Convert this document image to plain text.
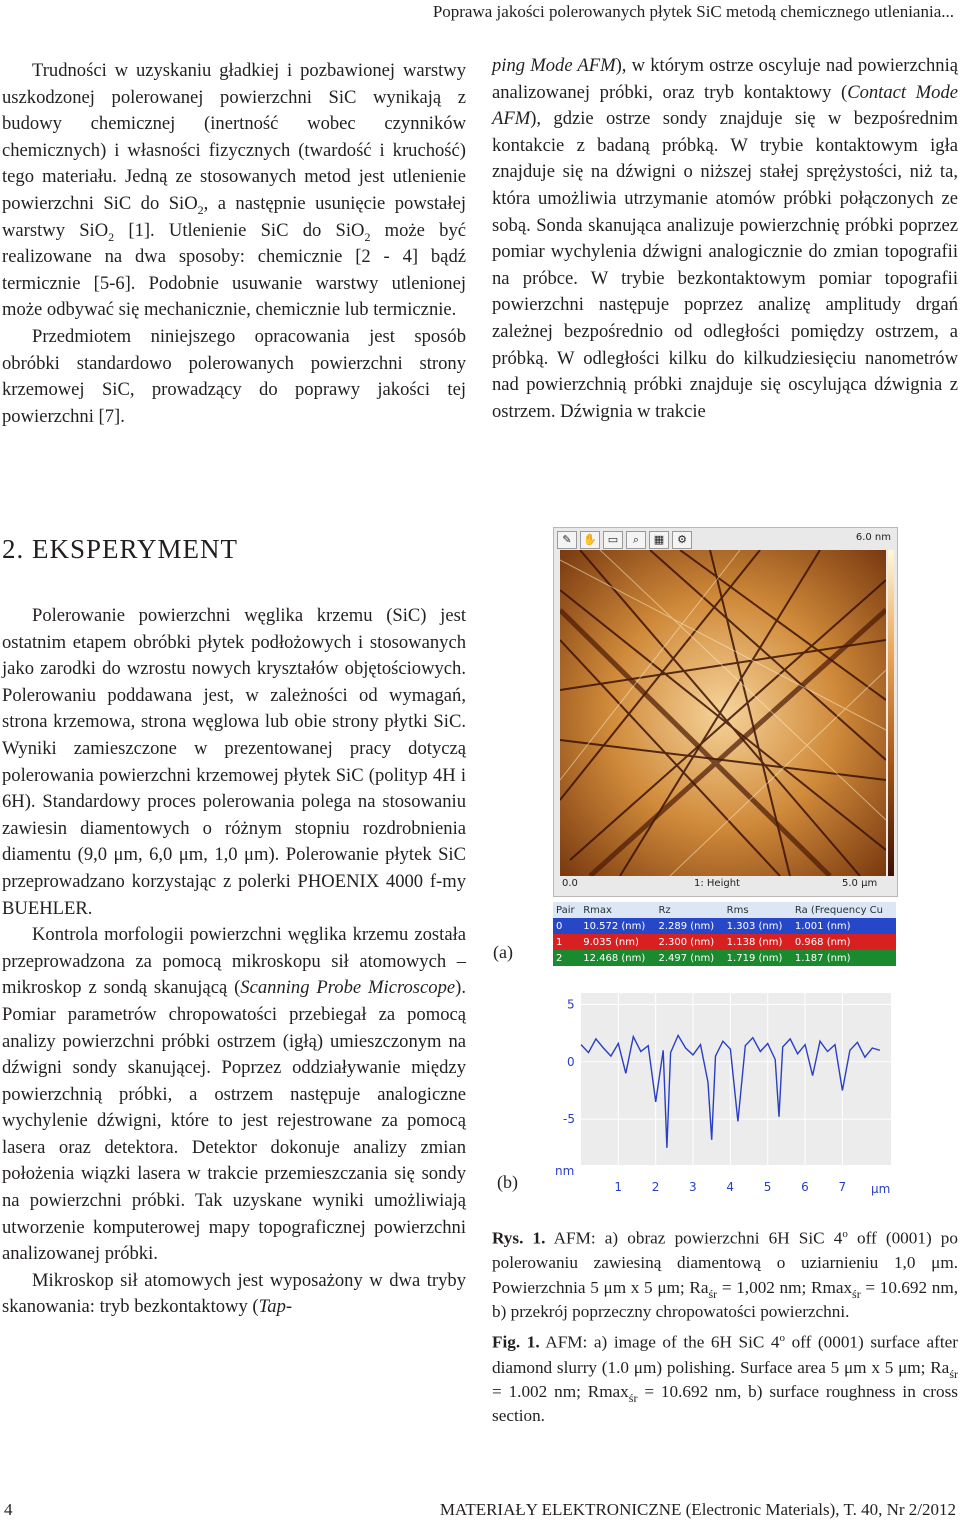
Poprawa jakości polerowanych płytek SiC metodą chemicznego utleniania...

Trudności w uzyskaniu gładkiej i pozbawionej warstwy uszkodzonej polerowanej powierzchni SiC wynikają z budowy chemicznej (inertność wobec czynników chemicznych) i własności fizycznych (twardość i kruchość) tego materiału. Jedną ze stosowanych metod jest utlenienie powierzchni SiC do SiO$_2$, a następnie usunięcie powstałej warstwy SiO$_2$ [1]. Utlenienie SiC do SiO$_2$ może być realizowane na dwa sposoby: chemicznie [2 - 4] bądź termicznie [5-6]. Podobnie usuwanie warstwy utlenionej może odbywać się mechanicznie, chemicznie lub termicznie.

Przedmiotem niniejszego opracowania jest sposób obróbki standardowo polerowanych powierzchni strony krzemowej SiC, prowadzący do poprawy jakości tej powierzchni [7].

ping Mode AFM), w którym ostrze oscyluje nad powierzchnią analizowanej próbki, oraz tryb kontaktowy (Contact Mode AFM), gdzie ostrze sondy znajduje się w bezpośrednim kontakcie z badaną próbką. W trybie kontaktowym igła znajduje się na dźwigni o niższej stałej sprężystości, niż ta, która umożliwia utrzymanie atomów próbki połączonych ze sobą. Sonda skanująca analizuje powierzchnię próbki poprzez pomiar wychylenia dźwigni analogicznie do zmian topografii na próbce. W trybie bezkontaktowym pomiar topografii powierzchni następuje poprzez analizę amplitudy drgań zależnej bezpośrednio od odległości pomiędzy ostrzem, a próbką. W odległości kilku do kilkudziesięciu nanometrów nad powierzchnią próbki znajduje się oscylująca dźwignia z ostrzem. Dźwignia w trakcie

2. EKSPERYMENT

Polerowanie powierzchni węglika krzemu (SiC) jest ostatnim etapem obróbki płytek podłożowych i stosowanych jako zarodki do wzrostu nowych kryształów objętościowych. Polerowaniu poddawana jest, w zależności od wymagań, strona krzemowa, strona węglowa lub obie strony płytki SiC. Wyniki zamieszczone w prezentowanej pracy dotyczą polerowania powierzchni krzemowej płytek SiC (polityp 4H i 6H). Standardowy proces polerowania polega na stosowaniu zawiesin diamentowych o różnym stopniu rozdrobnienia diamentu (9,0 μm, 6,0 μm, 1,0 μm). Polerowanie płytek SiC przeprowadzano korzystając z polerki PHOENIX 4000 f-my BUEHLER.

Kontrola morfologii powierzchni węglika krzemu została przeprowadzona za pomocą mikroskopu sił atomowych – mikroskop z sondą skanującą (Scanning Probe Microscope). Pomiar parametrów chropowatości przebiegał za pomocą analizy powierzchni próbki ostrzem (igłą) umieszczonym na dźwigni sondy skanującej. Poprzez oddziaływanie między powierzchnią próbki, a ostrzem następuje analogiczne wychylenie dźwigni, które to jest rejestrowane za pomocą lasera oraz detektora. Detektor dokonuje analizy zmian położenia wiązki lasera w trakcie przemieszczania się sondy na powierzchni próbki. Tak uzyskane wyniki umożliwiają utworzenie komputerowej mapy topograficznej powierzchni analizowanej próbki.

Mikroskop sił atomowych jest wyposażony w dwa tryby skanowania: tryb bezkontaktowy (Tap-

✎	✋ ▭	⌕	▦	⚙	6.0 nm
0.0	1: Height	5.0 µm
Pair	Rmax	Rz	Rms	Ra (Frequency Cu
0	10.572 (nm)	2.289 (nm)	1.303 (nm)	1.001 (nm)
1	9.035 (nm)	2.300 (nm)	1.138 (nm)	0.968 (nm)
2	12.468 (nm)	2.497 (nm)	1.719 (nm)	1.187 (nm)
(a)
(b)
5
0
-5
1 2 3 4 5 6 7
nm
µm

Rys. 1. AFM: a) obraz powierzchni 6H SiC 4$^o$ off (0001) po polerowaniu zawiesiną diamentową o uziarnieniu 1,0 μm. Powierzchnia 5 μm x 5 μm; $Ra_{śr} = 1,002$ nm; Rmax$_{śr}$ = 10.692 nm, b) przekrój poprzeczny chropowatości powierzchni.

Fig. 1. AFM: a) image of the 6H SiC 4$^o$ off (0001) surface after diamond slurry (1.0 μm) polishing. Surface area 5 μm x 5 μm; $Ra_{śr} = 1.002$ nm; Rmax$_{śr}$ = 10.692 nm, b) surface roughness in cross section.

4	MATERIAŁY ELEKTRONICZNE (Electronic Materials), T. 40, Nr 2/2012
